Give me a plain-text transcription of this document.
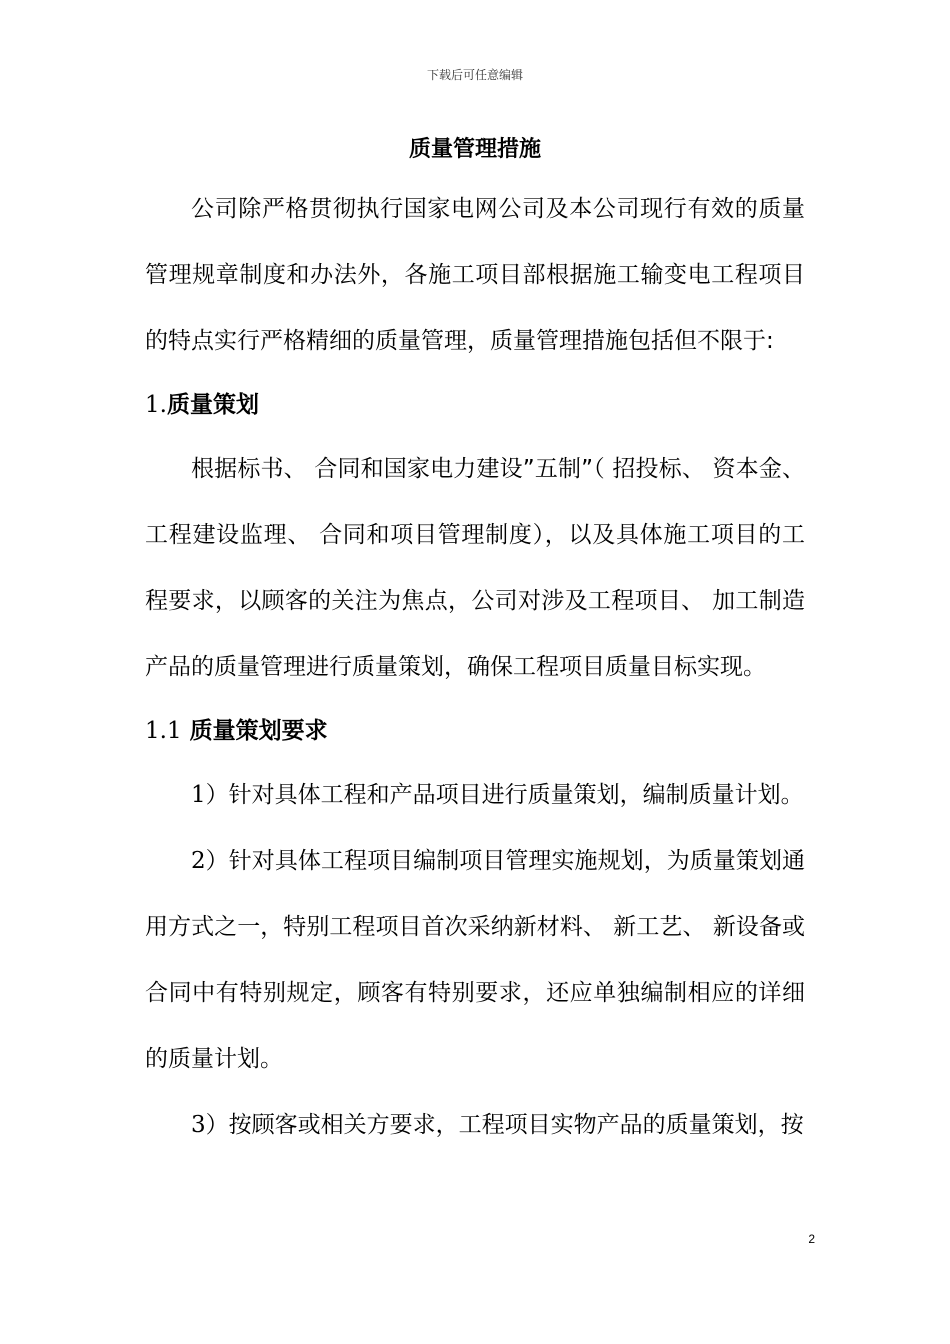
下载后可任意编辑
质量管理措施

公司除严格贯彻执行国家电网公司及本公司现行有效的质量管理规章制度和办法外，各施工项目部根据施工输变电工程项目的特点实行严格精细的质量管理，质量管理措施包括但不限于:

1.质量策划

根据标书、 合同和国家电力建设”五制”（ 招投标、 资本金、 工程建设监理、 合同和项目管理制度），以及具体施工项目的工程要求，以顾客的关注为焦点，公司对涉及工程项目、 加工制造产品的质量管理进行质量策划，确保工程项目质量目标实现。

1.1 质量策划要求

1）针对具体工程和产品项目进行质量策划，编制质量计划。

2）针对具体工程项目编制项目管理实施规划，为质量策划通用方式之一，特别工程项目首次采纳新材料、 新工艺、 新设备或合同中有特别规定，顾客有特别要求，还应单独编制相应的详细的质量计划。

3）按顾客或相关方要求，工程项目实物产品的质量策划，按

2
